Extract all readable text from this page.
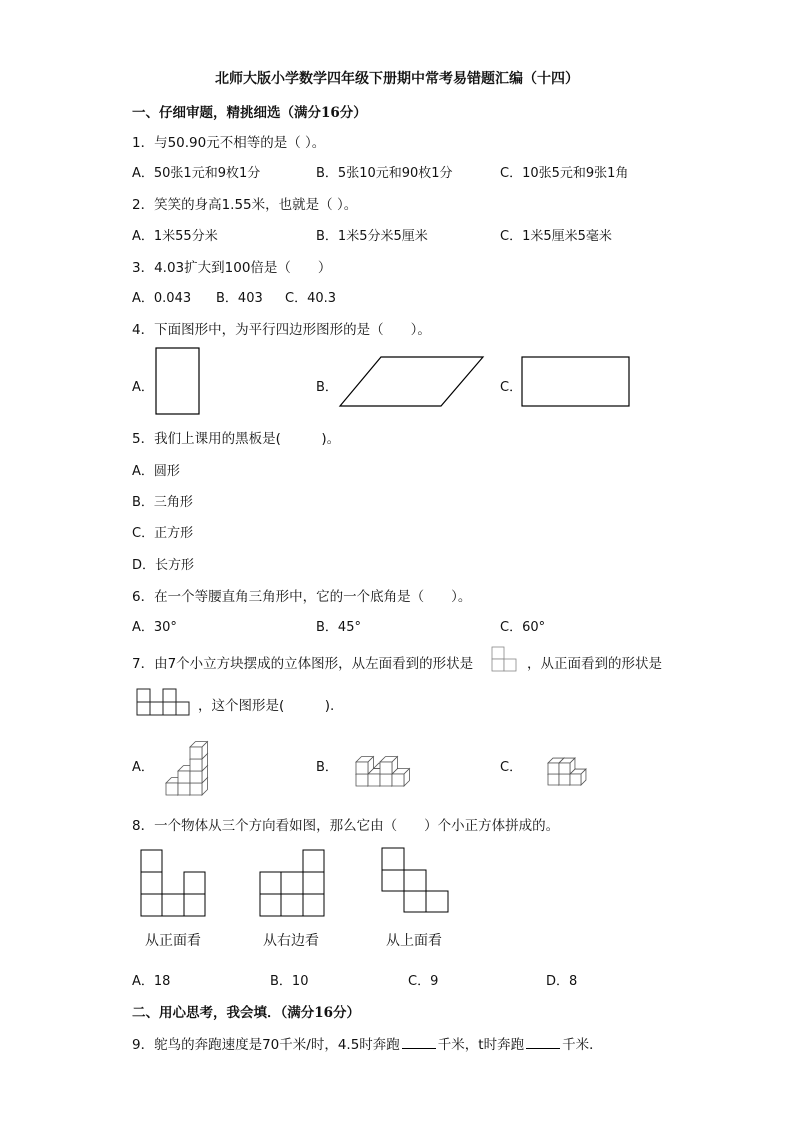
北师大版小学数学四年级下册期中常考易错题汇编（十四）
一、仔细审题，精挑细选（满分16分）
1．与50.90元不相等的是（ ）。
A．50张1元和9枚1分	B．5张10元和90枚1分	C．10张5元和9张1角
2．笑笑的身高1.55米，也就是（ ）。
A．1米55分米	B．1米5分米5厘米	C．1米5厘米5毫米
3．4.03扩大到100倍是（　　）
A．0.043 B．403 C．40.3
4．下面图形中，为平行四边形图形的是（　　）。
A．	B．	C．
5．我们上课用的黑板是(　　　)。
A．圆形
B．三角形
C．正方形
D．长方形
6．在一个等腰直角三角形中，它的一个底角是（　　）。
A．30°	B．45°	C．60°
7．由7个小立方块摆成的立体图形，从左面看到的形状是	，从正面看到的形状是
，这个图形是(　　　).
A．	B．	C．
8．一个物体从三个方向看如图，那么它由（　　）个小正方体拼成的。
从正面看	从右边看	从上面看
A．18	B．10	C．9	D．8
二、用心思考，我会填．（满分16分）
9．鸵鸟的奔跑速度是70千米/时，4.5时奔跑	千米，t时奔跑	千米．
